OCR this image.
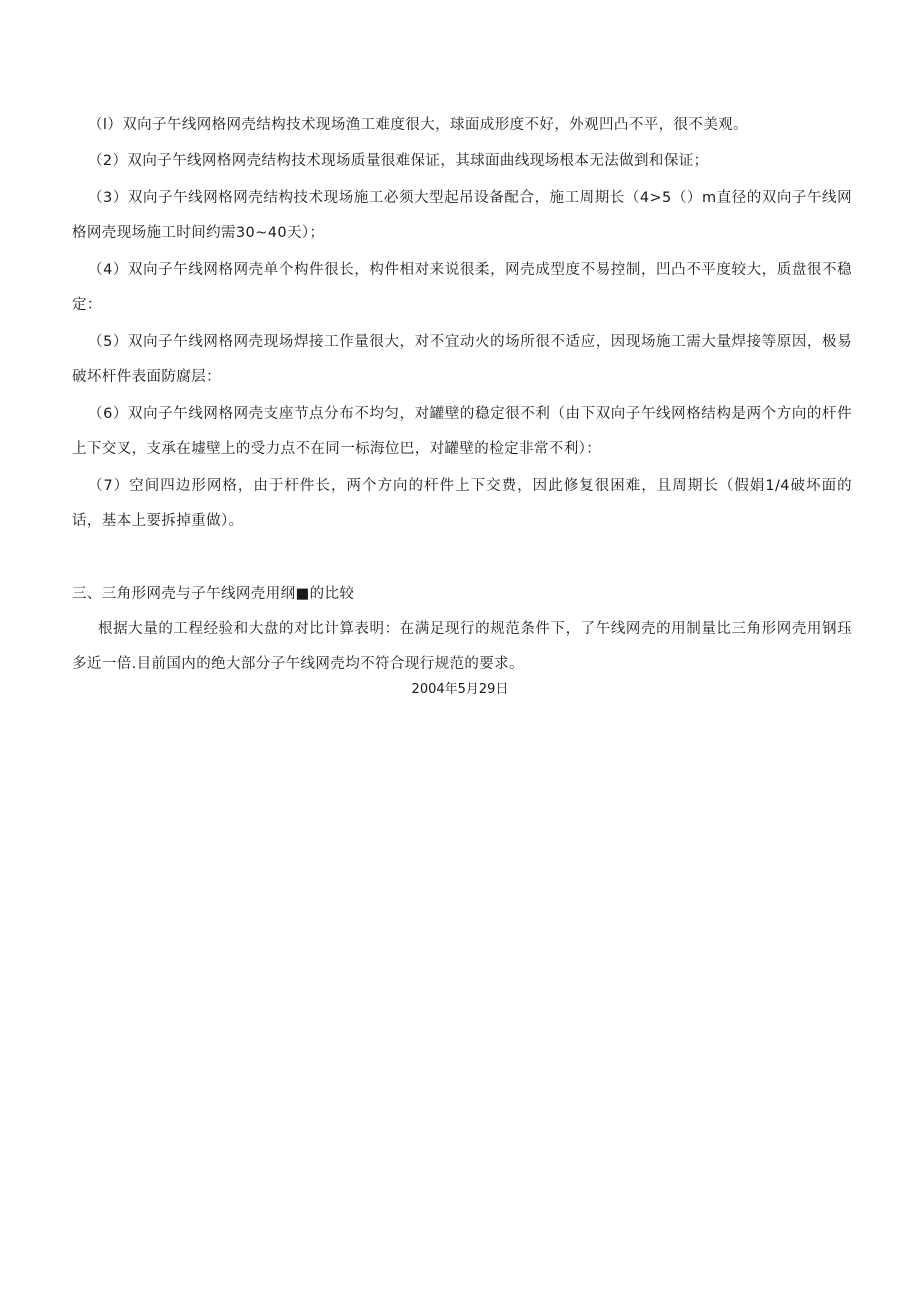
（l）双向子午线网格网壳结构技术现场渔工难度很大，球面成形度不好，外观凹凸不平，很不美观。

（2）双向子午线网格网壳结构技术现场质量很难保证，其球面曲线现场根本无法做到和保证；

（3）双向子午线网格网壳结构技术现场施工必须大型起吊设备配合，施工周期长（4>5（）m直径的双向子午线网格网壳现场施工时间约需30~40天）；

（4）双向子午线网格网壳单个构件很长，构件相对来说很柔，网壳成型度不易控制，凹凸不平度较大，质盘很不稳定：

（5）双向子午线网格网壳现场焊接工作量很大，对不宜动火的场所很不适应，因现场施工需大量焊接等原因，极易破坏杆件表面防腐层：

（6）双向子午线网格网壳支座节点分布不均匀，对罐壁的稳定很不利（由下双向子午线网格结构是两个方向的杆件上下交叉，支承在墟壁上的受力点不在同一标海位巴，对罐壁的检定非常不利）：

（7）空间四边形网格，由于杆件长，两个方向的杆件上下交费，因此修复很困难，且周期长（假娟1/4破坏面的话，基本上要拆掉重做）。

三、三角形网壳与子午线网壳用纲■的比较

根据大量的工程经验和大盘的对比计算表明：在满足现行的规范条件下，了午线网壳的用制量比三角形网壳用钢珏多近一倍.目前国内的绝大部分子午线网壳均不符合现行规范的要求。

2004年5月29日
